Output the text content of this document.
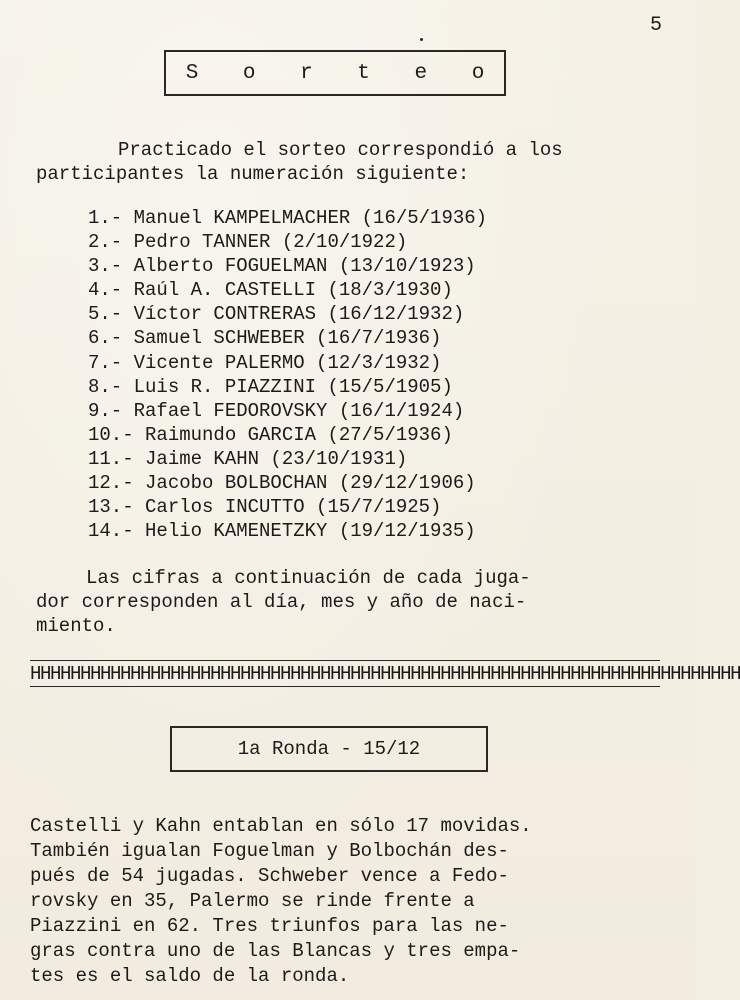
5
S o r t e o
Practicado el sorteo correspondió a los
participantes la numeración siguiente:
1.- Manuel KAMPELMACHER (16/5/1936)
2.- Pedro TANNER (2/10/1922)
3.- Alberto FOGUELMAN (13/10/1923)
4.- Raúl A. CASTELLI (18/3/1930)
5.- Víctor CONTRERAS (16/12/1932)
6.- Samuel SCHWEBER (16/7/1936)
7.- Vicente PALERMO (12/3/1932)
8.- Luis R. PIAZZINI (15/5/1905)
9.- Rafael FEDOROVSKY (16/1/1924)
10.- Raimundo GARCIA (27/5/1936)
11.- Jaime KAHN (23/10/1931)
12.- Jacobo BOLBOCHAN (29/12/1906)
13.- Carlos INCUTTO (15/7/1925)
14.- Helio KAMENETZKY (19/12/1935)
Las cifras a continuación de cada juga-
dor corresponden al día, mes y año de naci-
miento.
HHHHHHHHHHHHHHHHHHHHHHHHHHHHHHHHHHHHHHHHHHHHHHHHHHHHHHHHHHHHHHHHHHHHHHH
1a Ronda - 15/12
Castelli y Kahn entablan en sólo 17 movidas.
También igualan Foguelman y Bolbochán des-
pués de 54 jugadas. Schweber vence a Fedo-
rovsky en 35, Palermo se rinde frente a
Piazzini en 62. Tres triunfos para las ne-
gras contra uno de las Blancas y tres empa-
tes es el saldo de la ronda.
